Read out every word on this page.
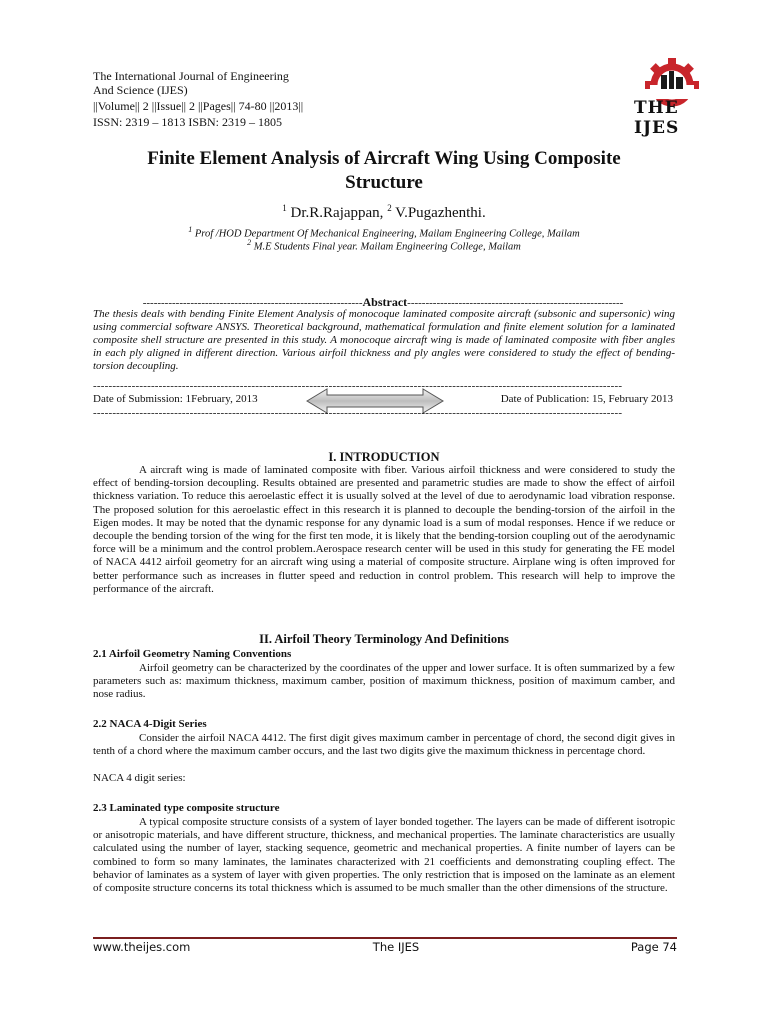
The International Journal of Engineering
And Science (IJES)
||Volume|| 2 ||Issue|| 2 ||Pages|| 74-80 ||2013||
ISSN: 2319 – 1813 ISBN: 2319 – 1805
THE IJES
Finite Element Analysis of Aircraft Wing Using Composite
Structure
$^1$ Dr.R.Rajappan, $^2$ V.Pugazhenthi.
$^1$ Prof /HOD Department Of Mechanical Engineering, Mailam Engineering College, Mailam
$^2$ M.E Students Final year. Mailam Engineering College, Mailam
------------------------------------------------------------Abstract-----------------------------------------------------------
The thesis deals with bending Finite Element Analysis of monocoque laminated composite aircraft (subsonic and supersonic) wing using commercial software ANSYS. Theoretical background, mathematical formulation and finite element solution for a laminated composite shell structure are presented in this study. A monocoque aircraft wing is made of laminated composite with fiber angles in each ply aligned in different direction. Various airfoil thickness and ply angles were considered to study the effect of bending-torsion decoupling.
-----------------------------------------------------------------------------------------------------------------------------------------
Date of Submission: 1February, 2013	Date of Publication: 15, February 2013
-----------------------------------------------------------------------------------------------------------------------------------------
I. INTRODUCTION
A aircraft wing is made of laminated composite with fiber. Various airfoil thickness and were considered to study the effect of bending-torsion decoupling. Results obtained are presented and parametric studies are made to show the effect of airfoil thickness variation. To reduce this aeroelastic effect it is usually solved at the level of due to aerodynamic load vibration response. The proposed solution for this aeroelastic effect in this research it is planned to decouple the bending-torsion of the airfoil in the Eigen modes. It may be noted that the dynamic response for any dynamic load is a sum of modal responses. Hence if we reduce or decouple the bending torsion of the wing for the first ten mode, it is likely that the bending-torsion coupling out of the aerodynamic force will be a minimum and the control problem.Aerospace research center will be used in this study for generating the FE model of NACA 4412 airfoil geometry for an aircraft wing using a material of composite structure. Airplane wing is often improved for better performance such as increases in flutter speed and reduction in control problem. This research will help to improve the performance of the aircraft.
II. Airfoil Theory Terminology And Definitions
2.1 Airfoil Geometry Naming Conventions
Airfoil geometry can be characterized by the coordinates of the upper and lower surface. It is often summarized by a few parameters such as: maximum thickness, maximum camber, position of maximum thickness, position of maximum camber, and nose radius.
2.2 NACA 4-Digit Series
Consider the airfoil NACA 4412. The first digit gives maximum camber in percentage of chord, the second digit gives in tenth of a chord where the maximum camber occurs, and the last two digits give the maximum thickness in percentage chord.
NACA 4 digit series:
2.3 Laminated type composite structure
A typical composite structure consists of a system of layer bonded together. The layers can be made of different isotropic or anisotropic materials, and have different structure, thickness, and mechanical properties. The laminate characteristics are usually calculated using the number of layer, stacking sequence, geometric and mechanical properties. A finite number of layers can be combined to form so many laminates, the laminates characterized with 21 coefficients and demonstrating coupling effect. The behavior of laminates as a system of layer with given properties. The only restriction that is imposed on the laminate as an element of composite structure concerns its total thickness which is assumed to be much smaller than the other dimensions of the structure.
www.theijes.com	The IJES	Page 74
